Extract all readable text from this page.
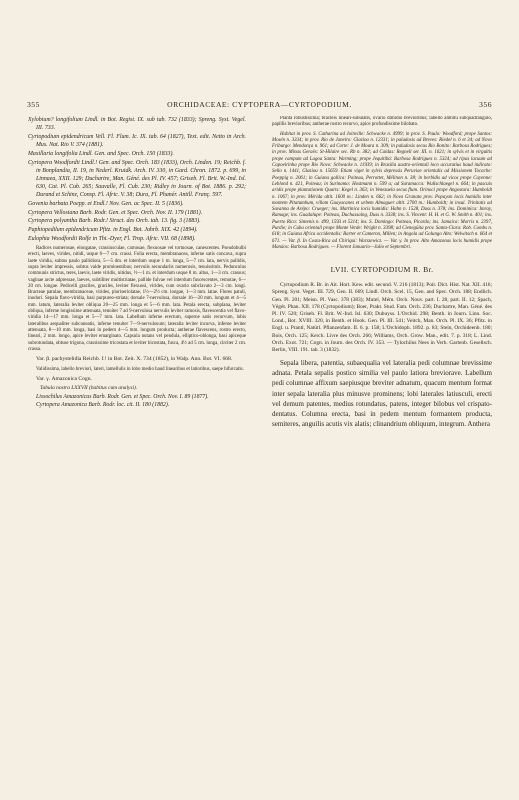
355	ORCHIDACEAE: CYPTOPERA—CYRTOPODIUM.	356

Xylobium? longifolium Lindl. in Bot. Regist. IX. sub tab. 732 (1833); Spreng. Syst. Vegel. III. 733.

Cyrtopodium epidendricum Vell. Fl. Flum. Ic. IX. tab. 64 (1827), Text. edit. Netto in Arch. Mus. Nat. Rio V. 374 (1881).

Maxillaria longifolia Lindl. Gen. and Spec. Orch. 150 (1833).

Cyrtopera Woodfordii Lindl.! Gen. and Spec. Orch. 183 (1833), Orch. Linden. 19; Reichb. f. in Bonplandia, II. 19, in Nederl. Kruidk. Arch. IV. 330, in Gard. Chron. 1872. p. 699, in Linnaea, XXII. 129; Duchartre, Man. Géné. des Pl. IV. 457; Griseb. Fl. Brit. W.-Ind. Isl. 630, Cat. Pl. Cub. 265; Sauvalle, Fl. Cub. 230; Ridley in Journ. of Bot. 1886. p. 292; Durand et Schinz, Consp. Fl. Afric. V. 38; Dura, Fl. Phanér. Antill. Franç. 597.

Govenia barbata Poepp. et Endl.! Nov. Gen. ac Spec. II. 5 (1836).

Cyrtopera Vellosiana Barb. Rodr. Gen. et Spec. Orch. Nov. II. 179 (1881).

Cyrtopera polyantha Barb. Rodr.! Struct. des Orch. tab. 13. fig. 3 (1883).

Paphiopedilum epidendricum Pfitz. in Engl. Bot. Jahrb. XIX. 42 (1894).

Eulophia Woodfordii Rolfe in Thi.-Dyer, Fl. Trop. Afric. VII. 68 (1898).

Radices numerosae, elongatae, crassiusculae, carnosae, flexuosae vel tortuosae, canescentes. Pseudobulbi erecti, laeves, virides, nitidi, usque 6—7 cm. crassi. Folia erecta, membranacea, inferne satis concava, supra laete viridia, subtus paulo pallidiora, 5—5 dm. et interdum usque 1 m. longa, 5—7 cm. lata, nervis pallidis, supra leviter impressis, subtus valde prominentibus; nervulis secundariis numerosis, tenuissimis. Pedunculus communis strictus, teres, laevis, laete viridis, nitidus, ½—1 m. et interdum usque 8 m. altus, 1—3 cm. crassus; vaginae arcte adpressae, laeves, subtiliter multistriatae, pallide fulvae vel interdum fuscescentes, remotae, 6—20 cm. longae. Pedicelli graciles, graciles, leviter flexuosi, virides, cum ovario subclavato 2—3 cm. longi. Bracteae patulae, membranaceae, virides, pluriseriolatae, 1½—2½ cm. longae, 1—3 mm. latae. Flores patuli, inodori. Sepala flavo-viridia, basi purpureo-striata; dorsale 7-nervulosa, dorsale 16—20 mm. longum et 4—5 mm. latum, lateralia leviter obliqua 20—25 mm. longa et 5—6 mm. lata. Petala erecta, subplana, leviter obliqua, inferne longissime attenuata, tenuiter 7 ad 9-nervulosa nervulis leviter ramosis, flavescentia vel flavo-viridia 14—17 mm. longa et 5—7 mm. lata. Labellum inferne erectum, superne satis recurvum, lobis lateralibus aequaliter subcuneatis, inferne tenuiter 7—9-nervulosum; lateralia leviter incurva, inferne leviter attenuata, 8—10 mm. longa, basi in pedem 4—5 mm. longum producta; antherae flavescens, rostro erecto, lineari, 2 mm. longo, apice leviter emarginato. Capsula nutans vel pendula, elliptico-oblonga, basi apiceque subrotundata, obtuse trigona, crassissime tricostata et leviter bicostata, fusca, 4½ ad 5 cm. longa, circiter 2 cm. crassa.

Var. β. pachystelidia Reichb. f.! in Bot. Zeit. X. 734 (1852), in Walp. Ann. Bot. VI. 668.

Validissima, labello breviori, lateri, lamellulis in lobo medio haud linearibus et latioribus, saepe bifurcatis.

Var. γ. Amazonica Cogn.

Tabula nostra LXXVII (habitus cum analysi).

Lissochilus Amazonicus Barb. Rodr. Gen. et Spec. Orch. Nov. I. 89 (1877).

Cyrtopera Amazonica Barb. Rodr. loc. cit. II. 180 (1882).

Planta robustissima; bracteis lineari-subulatis, ovario dimidio brevioribus; labello ambitu subquadrangulo, papillis brevioribus; antherae rostro recurvo, apice profundissime bilobato.

Habitat in prov. S. Catharina ad Joinville: Schwacke n. 4999; in prov. S. Paulo: Woodford; prope Santos: Mosén n. 3334; in prov. Rio de Janeiro: Glaziou n. 12331; in paludosis ad Breves: Riedel n. 6 et 34; ad Novo Friburgo: Mendonça n. 961; ad Corte: J. de Moura n. 309; in paludosis secus Rio Bonito: Barbosa Rodrigues; in prov. Minas Geraës: St-Hilaire sec. Rb n. 382; ad Caldas: Regnell ser. III. n. 1621; in sylvis et in virgultis prope campum ad Lagoa Santa: Warming; prope Jequitibá: Barbosa Rodrigues n. 5324; ad ripas lacuum ad Capoeirinha prope Rio Novo: Schwacke n. 11939; in Brasilia austro-orientali loco accuratius haud indicato: Sello n. 1441, Glaziou n. 15659. Etiam viget in sylvis depressis Peruviae orientalis ad Missionem Tocache: Poeppig n. 2061; in Guiana gallica: Poiteau, Perrottet, Mélinon n. 38; in herbidis ad vicos prope Cayenne: Leblond n. 421, Poiteau; in Surinamo: Hostmann n. 599 a; ad Saramacca: Wullschlaegel n. 664; in pascuis aridis prope plantationem Quarts: Kegel n. 363; in Venezuela secus flum. Orinoci prope Angostura: Humboldt n. 1067; in prov. Mérida altit. 1600 m.: Linden n. 662; in Nova Granata prov. Popayan locis humidis inter montem Pitatumbum, villam Guayacanes et urbem Almaguer altit. 2700 m.: Humboldt; in insul. Trinitatis ad Savanna de Arépo: Crueger; ins. Martinica locis humidis: Hahn n. 1528, Duss n. 378; ins. Dominica: Imray, Ramage; ins. Guadalupe: Poiteau, Duchassaing, Duss n. 3338; ins. S. Vincent: H. H. et G. W. Smith n. 401; ins. Puerto Rico: Sintenis n. 499, 1593 et 5314; ins. S. Domingo: Poiteau, Picardo; ins. Jamaica: Morris n. 2397, Purdie; in Cuba orientali prope Monte Verde: Wright n. 3398; ad Cienegüita prov. Santa-Clara: Rob. Combs n. 618; in Guiana Africa occidentalis: Barter et Cameron, Millen; in Angola ad Golungo Alto: Welwitsch n. 664 et 671. — Var. β. In Costa-Rica ad Chiriquí: Warszewicz. — Var. γ. In prov. Alto Amazonas locis humidis prope Manáos: Barbosa Rodrigues. — Florent Januario—Julio et Septembri.

LVII. CYRTOPODIUM R. Br.

Cyrtopodium R. Br. in Ait. Hort. Kew. edit. secund. V. 216 (1813); Poir. Dict. Hist. Nat. XII. 416; Spreng. Syst. Veget. III. 729, Gen. II. 669; Lindl. Orch. Scel. 15, Gen. and Spec. Orch. 188; Endlich. Gen. Pl. 201; Meisn. Pl. Vasc. 378 (383); Mutel, Mém. Orch. Nouv. part. I. 28, part. II. 12; Spach, Végét. Phan. XII. 178 (Cyrtopodium); Boer, Prakt. Stud. Fam. Orch. 236; Duchartre, Man. Géné. des Pl. IV. 520; Griseb. Fl. Brit. W.-Ind. Isl. 630; Dubuyss. L'Orchid. 298; Benth. in Journ. Linn. Soc. Lond., Bot. XVIII. 320, in Benth. et Hook. Gen. Pl. III. 541; Veitch, Man. Orch. Pl. IX. 36; Pfitz. in Engl. u. Prantl, Natürl. Pflanzenfam. II. 6. p. 158; L'Orchidoph. 1892. p. 83; Stein, Orchideenb. 180; Bois, Orch. 125; Kerch. Livre des Orch. 266; Williams, Orch. Grow. Man., edit. 7. p. 318; L. Lind. Orch. Exot. 721; Cogn. in Journ. des Orch. IV. 353. — Tylochilus Nees in Verh. Gartenb. Gesellsch. Berlin, VIII. 191. tab. 3 (1832).

Sepala libera, patentia, subaequalia vel lateralia pedi columnae brevissime adnata. Petala sepalis postico similia vel paulo latiora breviorave. Labellum pedi columnae affixum saepiusque breviter adnatum, quacum mentum format inter sepala lateralia plus minusve prominens; lobi laterales latiusculi, erecti vel demum patentes, medius rotundatus, patens, integer bilobus vel crispato-dentatus. Columna erecta, basi in pedem mentum formantem producta, semiteres, anguilis acutis vix alatis; clinandrium obliquum, integrum. Anthera
